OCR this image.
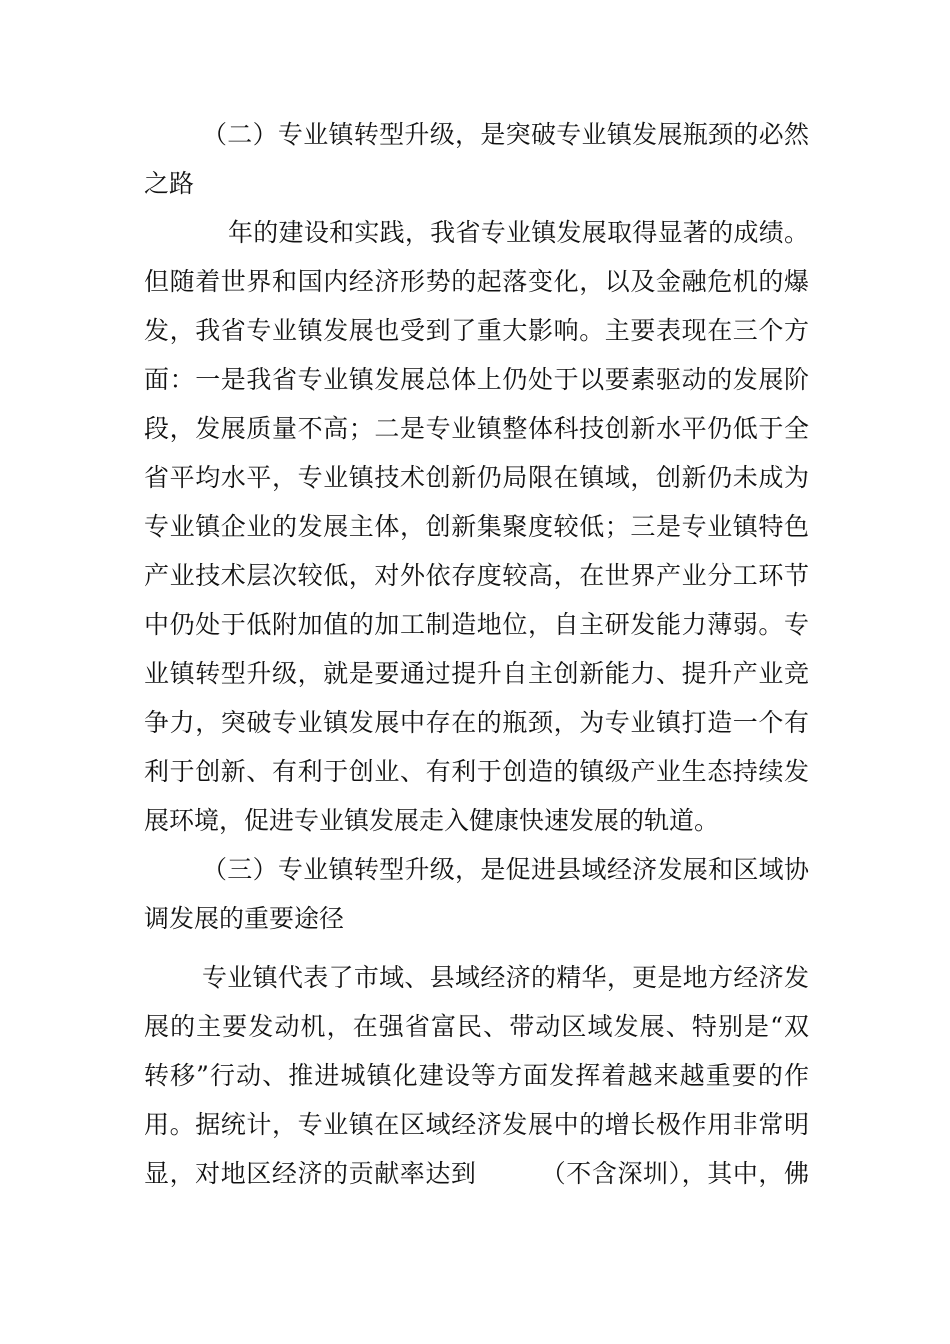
（二）专业镇转型升级，是突破专业镇发展瓶颈的必然
之路
年的建设和实践，我省专业镇发展取得显著的成绩。
但随着世界和国内经济形势的起落变化，以及金融危机的爆
发，我省专业镇发展也受到了重大影响。主要表现在三个方
面：一是我省专业镇发展总体上仍处于以要素驱动的发展阶
段，发展质量不高；二是专业镇整体科技创新水平仍低于全
省平均水平，专业镇技术创新仍局限在镇域，创新仍未成为
专业镇企业的发展主体，创新集聚度较低；三是专业镇特色
产业技术层次较低，对外依存度较高，在世界产业分工环节
中仍处于低附加值的加工制造地位，自主研发能力薄弱。专
业镇转型升级，就是要通过提升自主创新能力、提升产业竞
争力，突破专业镇发展中存在的瓶颈，为专业镇打造一个有
利于创新、有利于创业、有利于创造的镇级产业生态持续发
展环境，促进专业镇发展走入健康快速发展的轨道。
（三）专业镇转型升级，是促进县域经济发展和区域协
调发展的重要途径
专业镇代表了市域、县域经济的精华，更是地方经济发
展的主要发动机，在强省富民、带动区域发展、特别是“双
转移”行动、推进城镇化建设等方面发挥着越来越重要的作
用。据统计，专业镇在区域经济发展中的增长极作用非常明
显，对地区经济的贡献率达到　　　（不含深圳），其中，佛
